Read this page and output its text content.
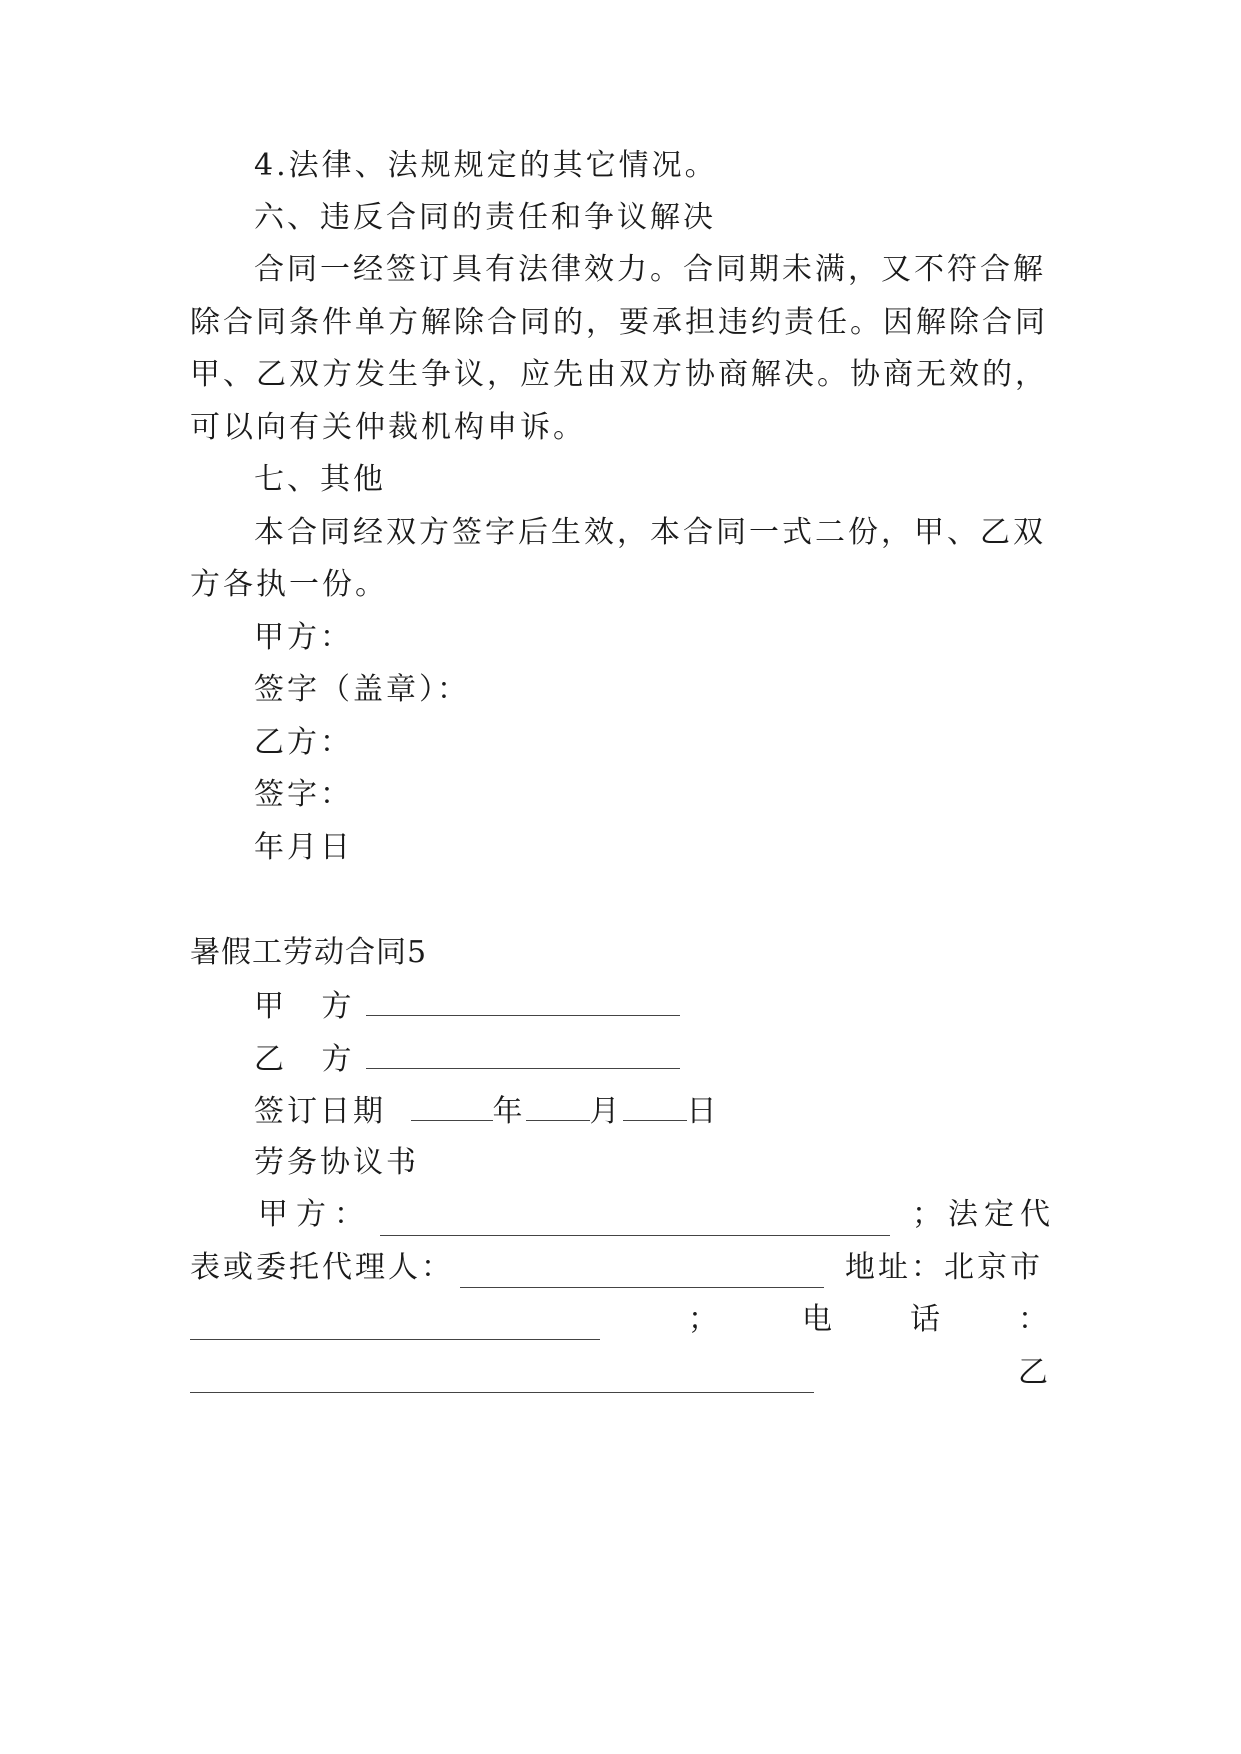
4.法律、法规规定的其它情况。
六、违反合同的责任和争议解决
合同一经签订具有法律效力。合同期未满，又不符合解
除合同条件单方解除合同的，要承担违约责任。因解除合同
甲、乙双方发生争议，应先由双方协商解决。协商无效的，
可以向有关仲裁机构申诉。
七、其他
本合同经双方签字后生效，本合同一式二份，甲、乙双
方各执一份。
甲方：
签字（盖章）：
乙方：
签字：
年月日
暑假工劳动合同5
甲 方
乙 方
签订日期	年 月 日
劳务协议书
甲方：	；法定代
表或委托代理人：	地址：北京市
；	电	话	：
乙
